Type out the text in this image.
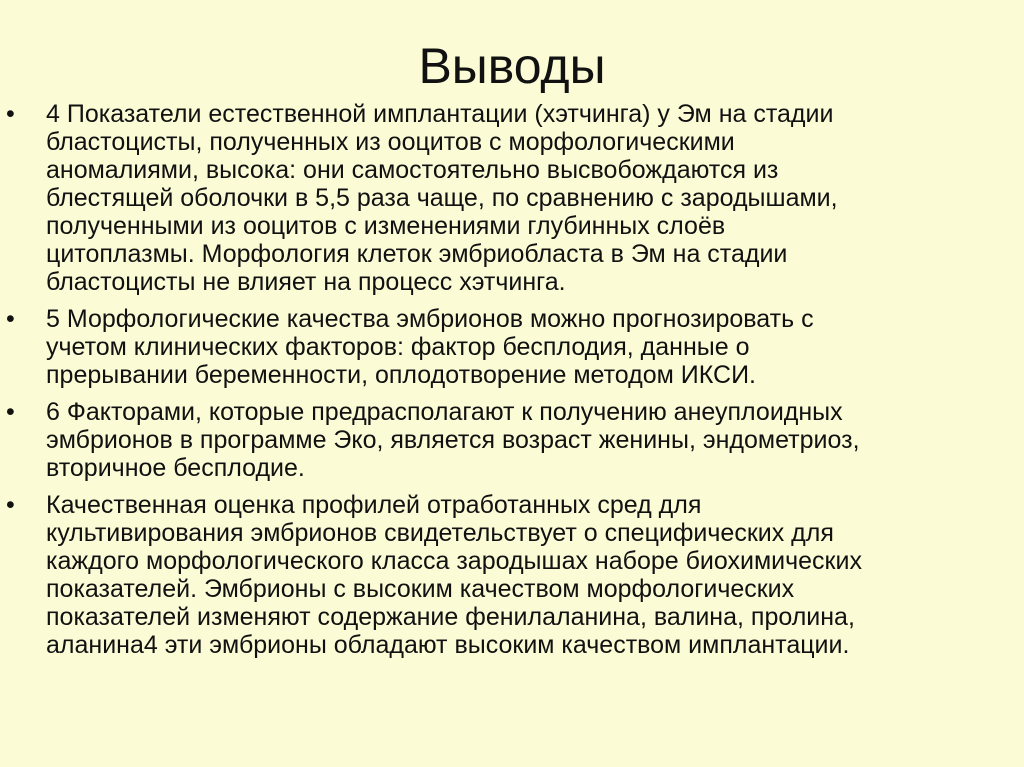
Выводы
• 4 Показатели естественной имплантации (хэтчинга) у Эм на стадии
бластоцисты, полученных из ооцитов с морфологическими
аномалиями, высока: они самостоятельно высвобождаются из
блестящей оболочки в 5,5 раза чаще, по сравнению с зародышами,
полученными из ооцитов с изменениями глубинных слоёв
цитоплазмы. Морфология клеток эмбриобласта в Эм на стадии
бластоцисты не влияет на процесс хэтчинга.
• 5 Морфологические качества эмбрионов можно прогнозировать с
учетом клинических факторов: фактор бесплодия, данные о
прерывании беременности, оплодотворение методом ИКСИ.
• 6 Факторами, которые предрасполагают к получению анеуплоидных
эмбрионов в программе Эко, является возраст женины, эндометриоз,
вторичное бесплодие.
• Качественная оценка профилей отработанных сред для
культивирования эмбрионов свидетельствует о специфических для
каждого морфологического класса зародышах наборе биохимических
показателей. Эмбрионы с высоким качеством морфологических
показателей изменяют содержание фенилаланина, валина, пролина,
аланина4 эти эмбрионы обладают высоким качеством имплантации.
